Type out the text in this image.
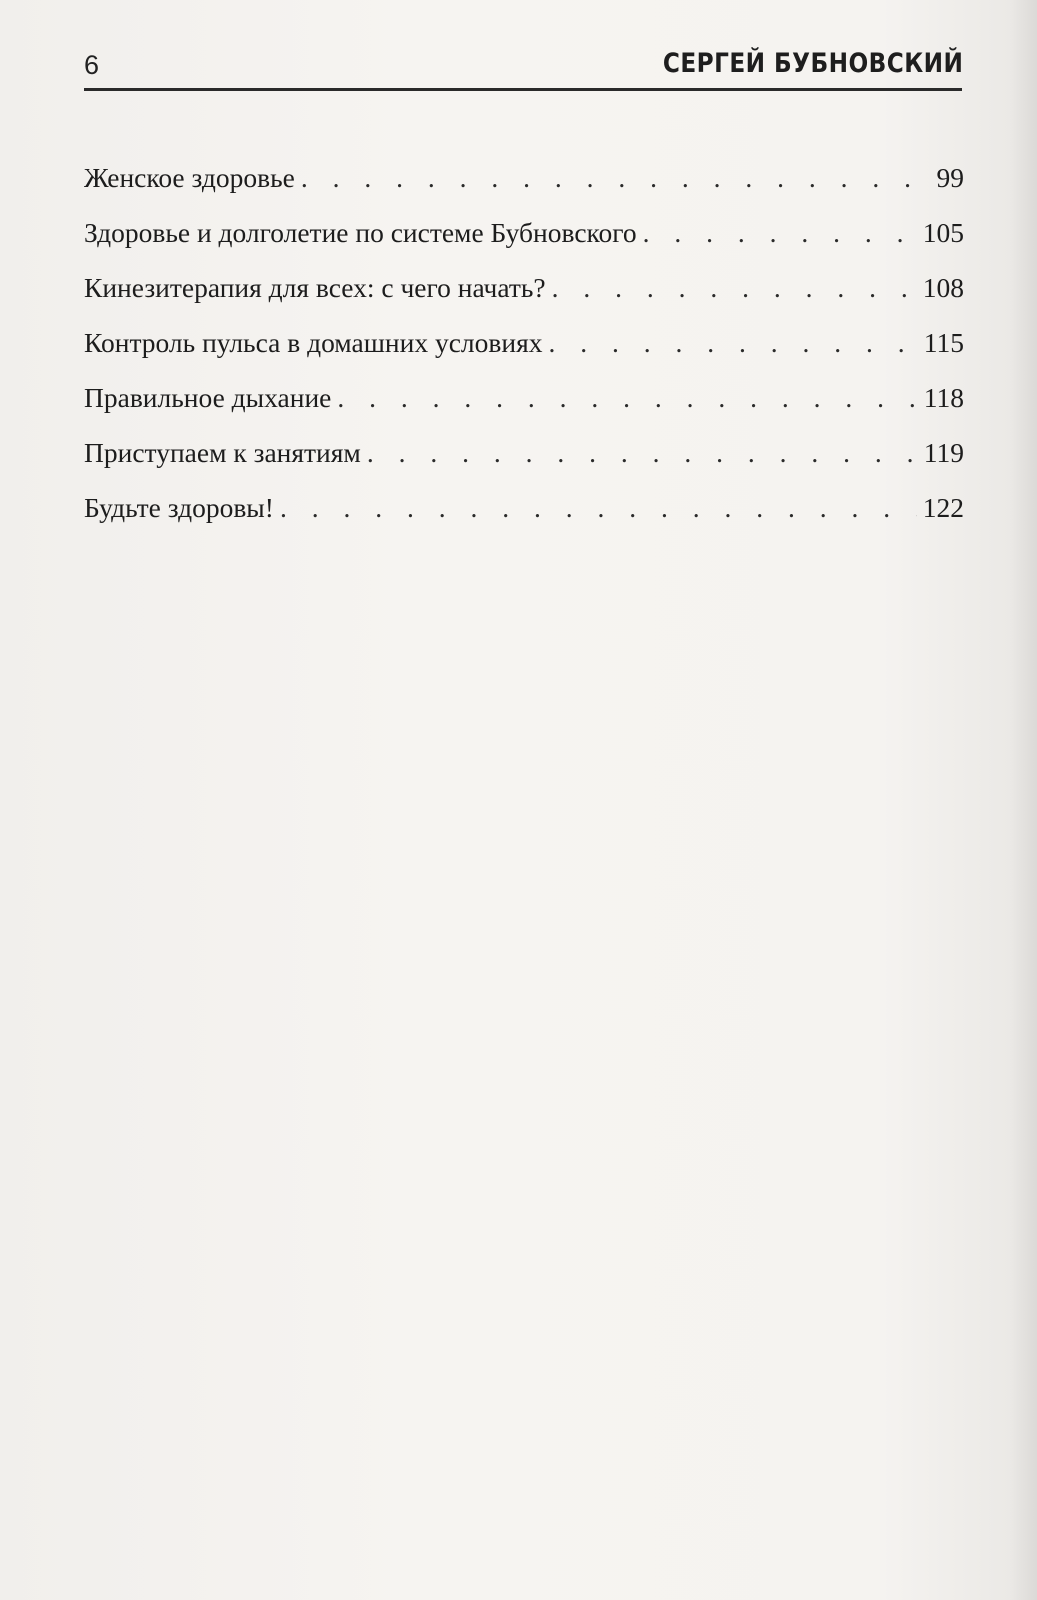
6	СЕРГЕЙ БУБНОВСКИЙ
Женское здоровье . . .	99
Здоровье и долголетие по системе Бубновского . . .	105
Кинезитерапия для всех: с чего начать? . . .	108
Контроль пульса в домашних условиях . . .	115
Правильное дыхание . . .	118
Приступаем к занятиям . . .	119
Будьте здоровы! . . .	122
